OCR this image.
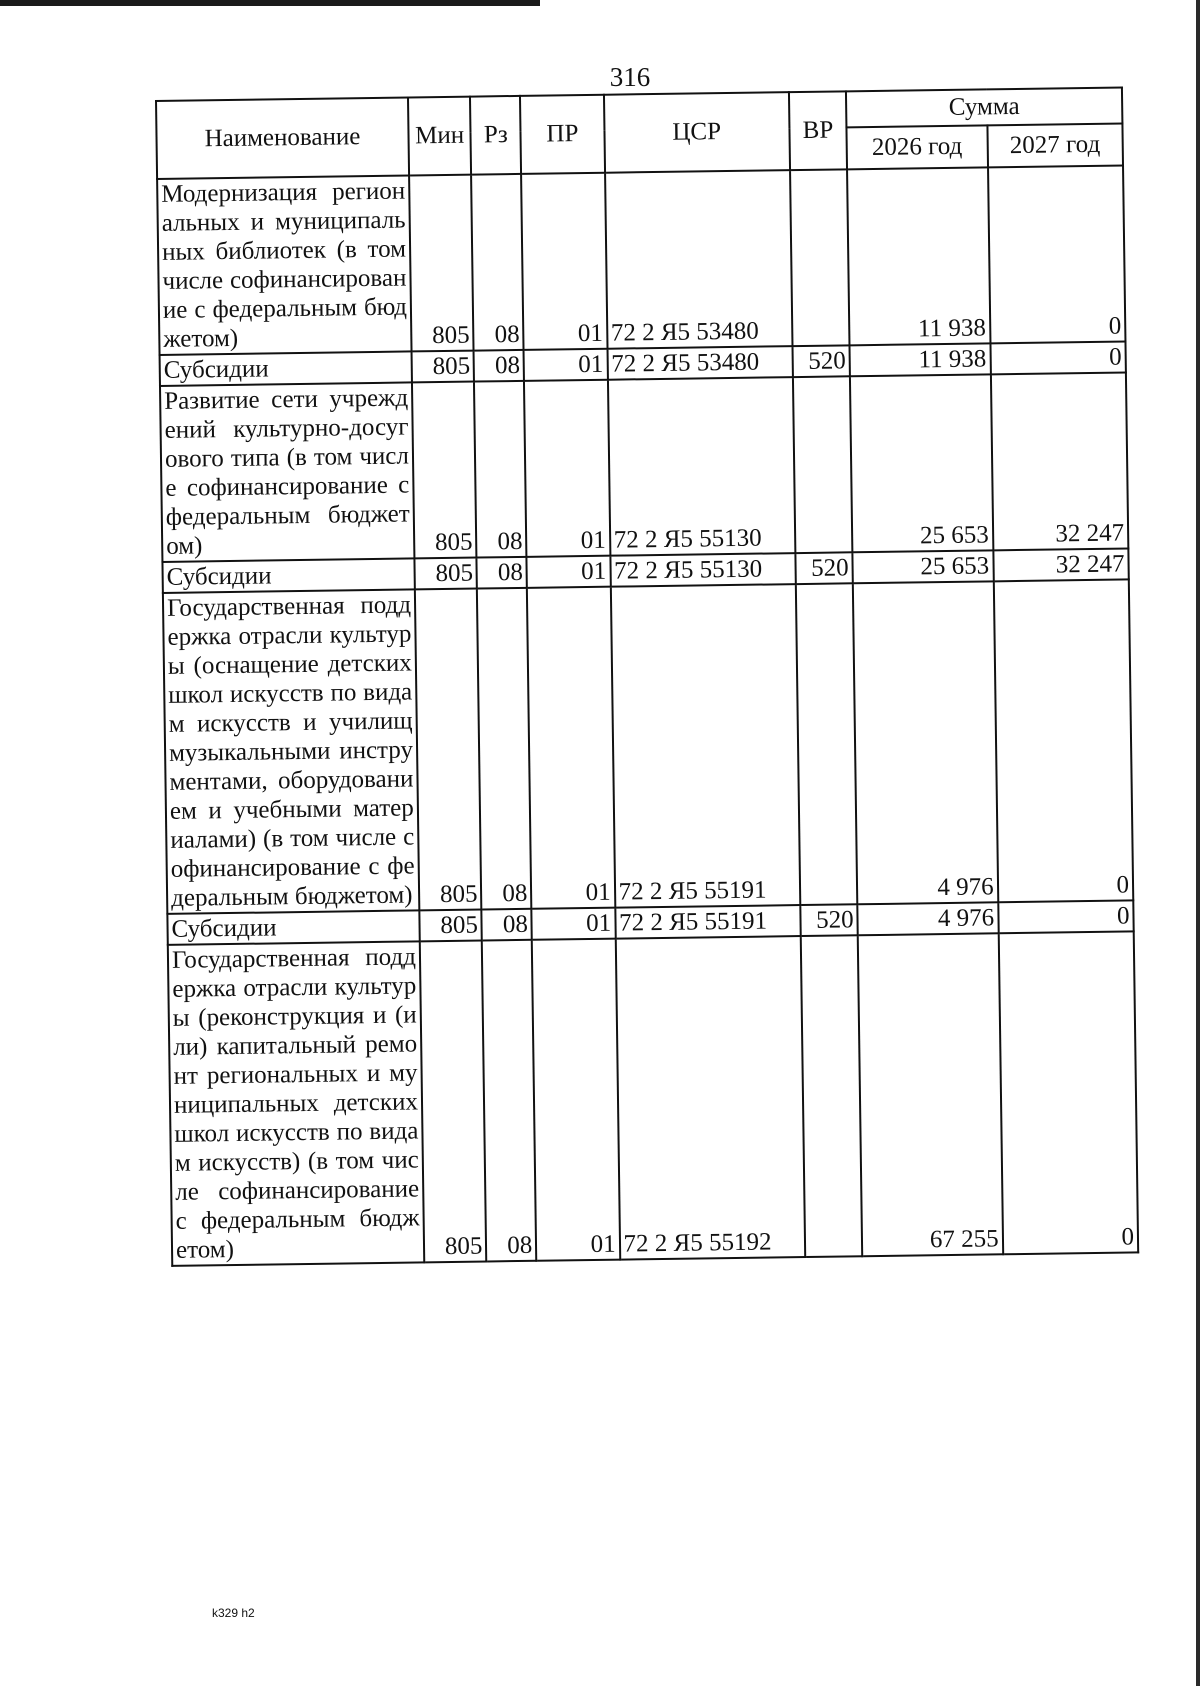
316
Наименование	Мин	Рз	ПР	ЦСР	ВР	Сумма	
						2026 год	2027 год
Модернизация региональных и муниципальных библиотек (в том числе софинансирование с федеральным бюджетом)	805	08	01	72 2 Я5 53480		11 938	0
Субсидии	805	08	01	72 2 Я5 53480	520	11 938	0
Развитие сети учреждений культурно-досугового типа (в том числе софинансирование с федеральным бюджетом)	805	08	01	72 2 Я5 55130		25 653	32 247
Субсидии	805	08	01	72 2 Я5 55130	520	25 653	32 247
Государственная поддержка отрасли культуры (оснащение детских школ искусств по видам искусств и училищ музыкальными инструментами, оборудованием и учебными материалами) (в том числе софинансирование с федеральным бюджетом)	805	08	01	72 2 Я5 55191		4 976	0
Субсидии	805	08	01	72 2 Я5 55191	520	4 976	0
Государственная поддержка отрасли культуры (реконструкция и (или) капитальный ремонт региональных и муниципальных детских школ искусств по видам искусств) (в том числе софинансирование с федеральным бюджетом)	805	08	01	72 2 Я5 55192		67 255	0
k329 h2
